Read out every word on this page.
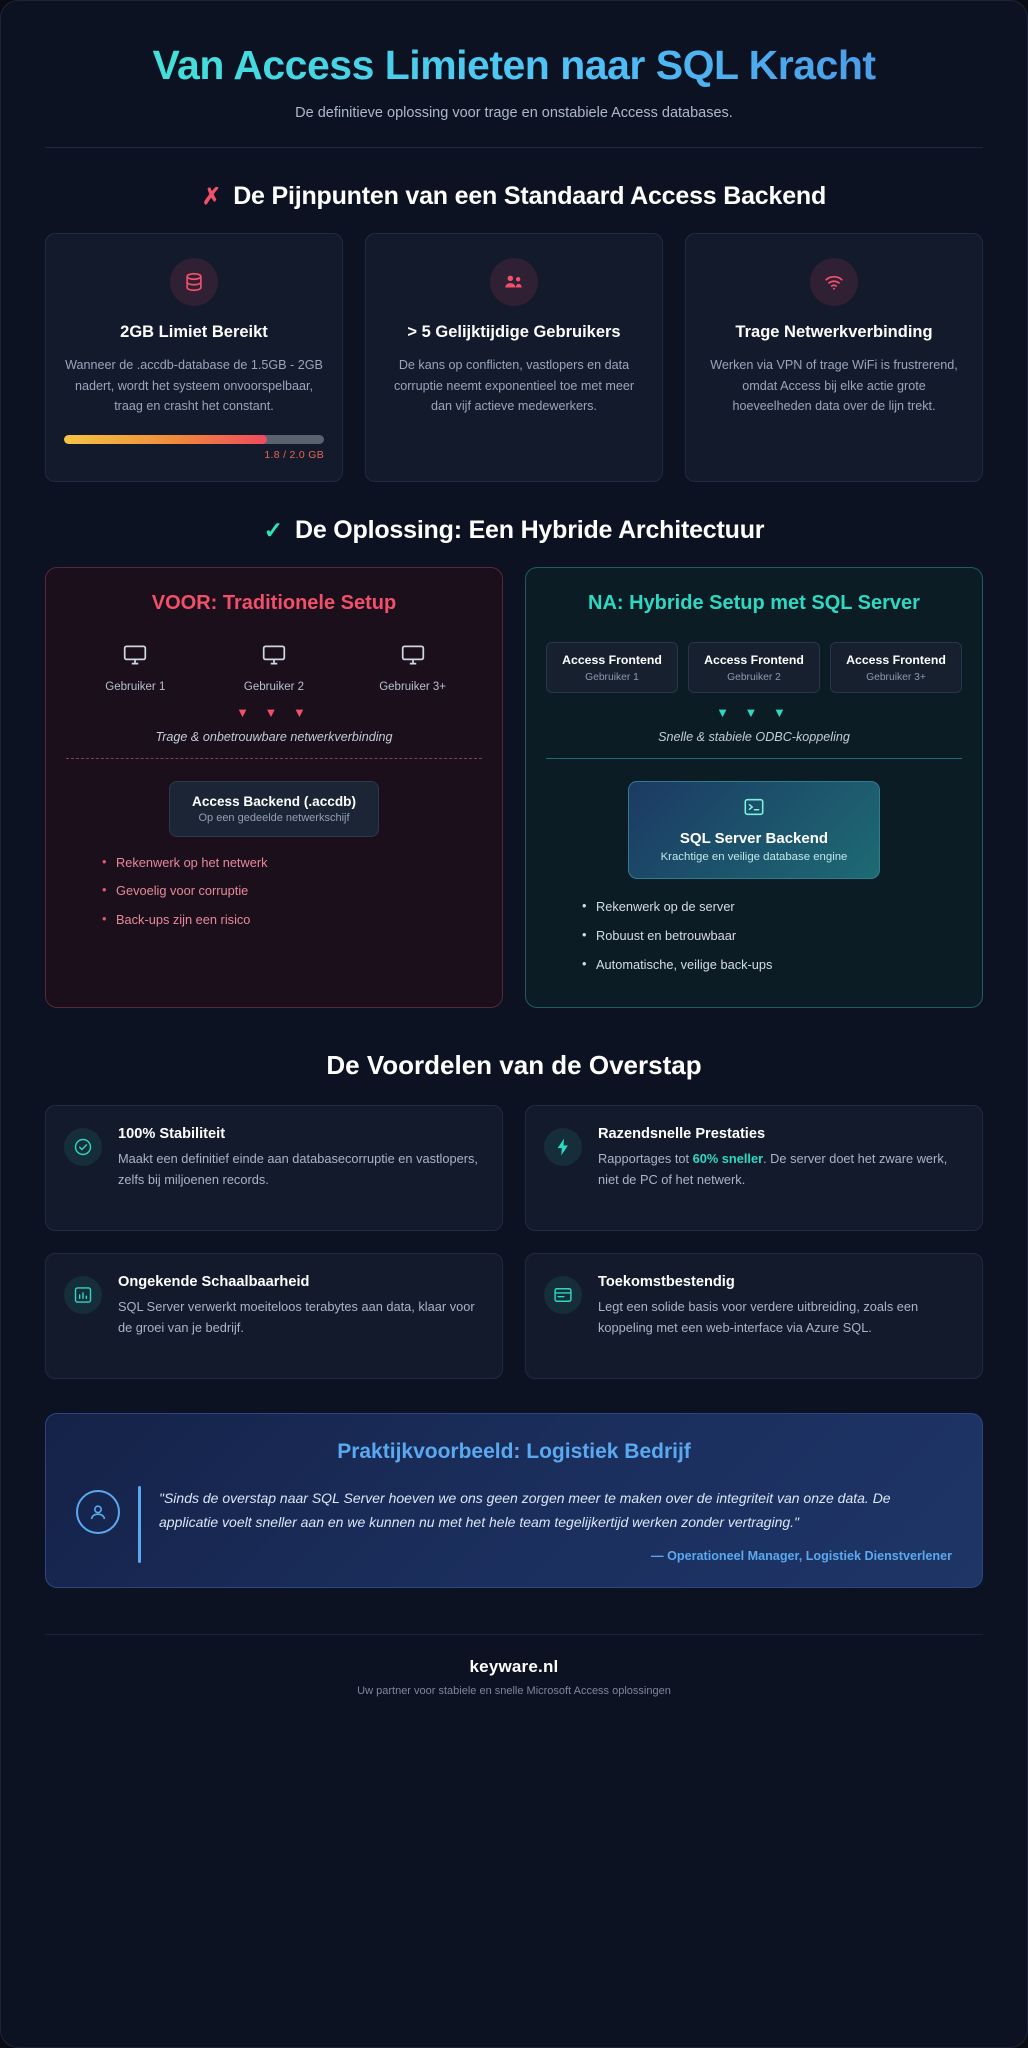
Van Access Limieten naar SQL Kracht

De definitieve oplossing voor trage en onstabiele Access databases.

✗ De Pijnpunten van een Standaard Access Backend
2GB Limiet Bereikt
Wanneer de .accdb-database de 1.5GB - 2GB nadert, wordt het systeem onvoorspelbaar, traag en crasht het constant.
1.8 / 2.0 GB
> 5 Gelijktijdige Gebruikers
De kans op conflicten, vastlopers en data corruptie neemt exponentieel toe met meer dan vijf actieve medewerkers.
Trage Netwerkverbinding
Werken via VPN of trage WiFi is frustrerend, omdat Access bij elke actie grote hoeveelheden data over de lijn trekt.
✓ De Oplossing: Een Hybride Architectuur
VOOR: Traditionele Setup
Gebruiker 1	Gebruiker 2	Gebruiker 3+
▼ ▼ ▼
Trage & onbetrouwbare netwerkverbinding
Access Backend (.accdb)
Op een gedeelde netwerkschijf
• Rekenwerk op het netwerk
• Gevoelig voor corruptie
• Back-ups zijn een risico
NA: Hybride Setup met SQL Server
Access Frontend
Gebruiker 1
Access Frontend
Gebruiker 2
Access Frontend
Gebruiker 3+
▼ ▼ ▼
Snelle & stabiele ODBC-koppeling
SQL Server Backend
Krachtige en veilige database engine
• Rekenwerk op de server
• Robuust en betrouwbaar
• Automatische, veilige back-ups
De Voordelen van de Overstap
100% Stabiliteit
Maakt een definitief einde aan databasecorruptie en vastlopers, zelfs bij miljoenen records.
Razendsnelle Prestaties
Rapportages tot 60% sneller. De server doet het zware werk, niet de PC of het netwerk.
Ongekende Schaalbaarheid
SQL Server verwerkt moeiteloos terabytes aan data, klaar voor de groei van je bedrijf.
Toekomstbestendig
Legt een solide basis voor verdere uitbreiding, zoals een koppeling met een web-interface via Azure SQL.
Praktijkvoorbeeld: Logistiek Bedrijf
"Sinds de overstap naar SQL Server hoeven we ons geen zorgen meer te maken over de integriteit van onze data. De applicatie voelt sneller aan en we kunnen nu met het hele team tegelijkertijd werken zonder vertraging."
— Operationeel Manager, Logistiek Dienstverlener
keyware.nl
Uw partner voor stabiele en snelle Microsoft Access oplossingen
